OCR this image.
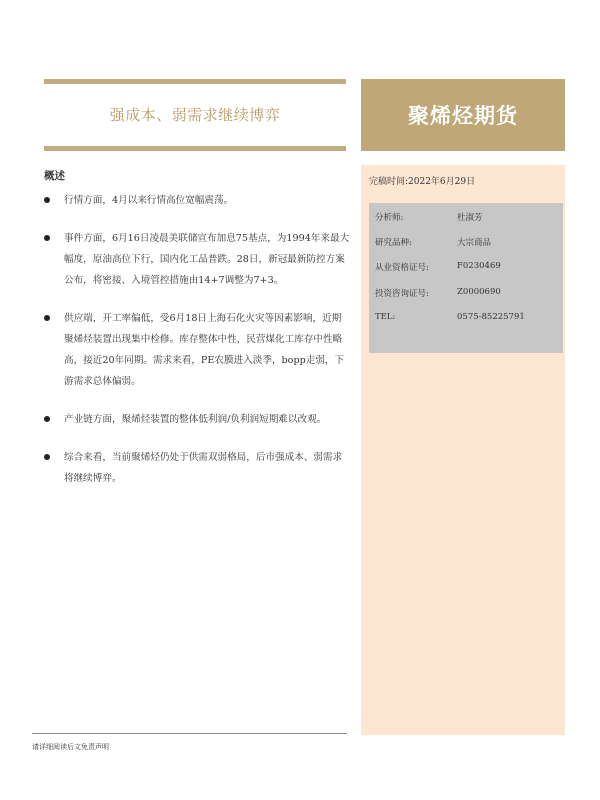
强成本、弱需求继续博弈	聚烯烃期货
完稿时间:2022年6月29日
分析师:	杜淑芳
研究品种:	大宗商品
从业资格证号:	F0230469
投资咨询证号:	Z0000690
TEL:	0575-85225791
概述
行情方面，4月以来行情高位宽幅震荡。
事件方面，6月16日凌晨美联储宣布加息75基点，为1994年来最大幅度，原油高位下行，国内化工品普跌。28日，新冠最新防控方案公布，将密接、入境管控措施由14+7调整为7+3。
供应端，开工率偏低，受6月18日上海石化火灾等因素影响，近期聚烯烃装置出现集中检修。库存整体中性，民营煤化工库存中性略高，接近20年同期。需求来看，PE农膜进入淡季，bopp走弱，下游需求总体偏弱。
产业链方面，聚烯烃装置的整体低利润/负利润短期难以改观。
综合来看，当前聚烯烃仍处于供需双弱格局，后市强成本、弱需求将继续博弈。
请详细阅读后文免责声明
